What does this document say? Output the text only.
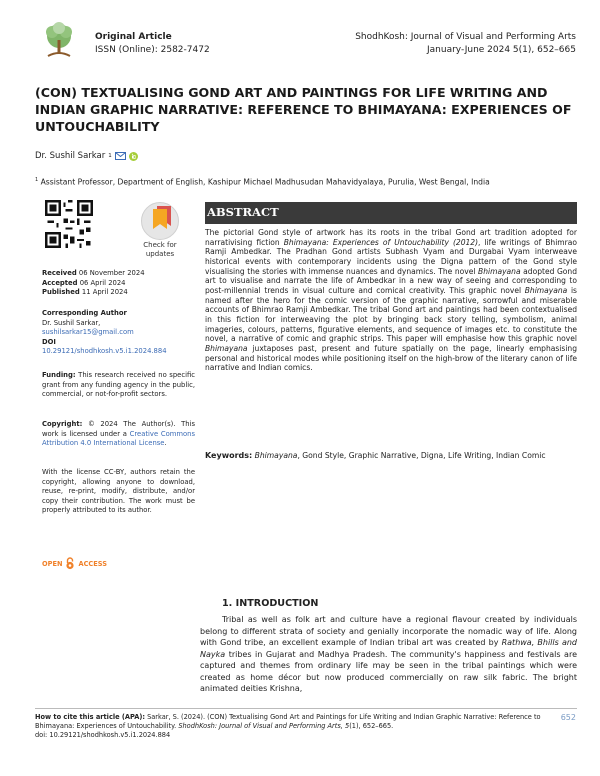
Original Article
ISSN (Online): 2582-7472
ShodhKosh: Journal of Visual and Performing Arts
January-June 2024 5(1), 652–665
(CON) TEXTUALISING GOND ART AND PAINTINGS FOR LIFE WRITING AND INDIAN GRAPHIC NARRATIVE: REFERENCE TO BHIMAYANA: EXPERIENCES OF UNTOUCHABILITY
Dr. Sushil Sarkar 1
$^1$ Assistant Professor, Department of English, Kashipur Michael Madhusudan Mahavidyalaya, Purulia, West Bengal, India
Check for
updates
Received 06 November 2024
Accepted 06 April 2024
Published 11 April 2024
Corresponding Author
Dr. Sushil Sarkar,
sushilsarkar15@gmail.com
DOI
10.29121/shodhkosh.v5.i1.2024.884
Funding: This research received no specific grant from any funding agency in the public, commercial, or not-for-profit sectors.
Copyright: © 2024 The Author(s). This work is licensed under a Creative Commons Attribution 4.0 International License.
With the license CC-BY, authors retain the copyright, allowing anyone to download, reuse, re-print, modify, distribute, and/or copy their contribution. The work must be properly attributed to its author.
OPEN ACCESS
ABSTRACT
The pictorial Gond style of artwork has its roots in the tribal Gond art tradition adopted for narrativising fiction Bhimayana: Experiences of Untouchability (2012), life writings of Bhimrao Ramji Ambedkar. The Pradhan Gond artists Subhash Vyam and Durgabai Vyam interweave historical events with contemporary incidents using the Digna pattern of the Gond style visualising the stories with immense nuances and dynamics. The novel Bhimayana adopted Gond art to visualise and narrate the life of Ambedkar in a new way of seeing and corresponding to post-millennial trends in visual culture and comical creativity. This graphic novel Bhimayana is named after the hero for the comic version of the graphic narrative, sorrowful and miserable accounts of Bhimrao Ramji Ambedkar. The tribal Gond art and paintings had been contextualised in this fiction for interweaving the plot by bringing back story telling, symbolism, animal imageries, colours, patterns, figurative elements, and sequence of images etc. to constitute the novel, a narrative of comic and graphic strips. This paper will emphasise how this graphic novel Bhimayana juxtaposes past, present and future spatially on the page, linearly emphasising personal and historical modes while positioning itself on the high-brow of the literary canon of life narrative and Indian comics.
Keywords: Bhimayana, Gond Style, Graphic Narrative, Digna, Life Writing, Indian Comic
1. INTRODUCTION
Tribal as well as folk art and culture have a regional flavour created by individuals belong to different strata of society and genially incorporate the nomadic way of life. Along with Gond tribe, an excellent example of Indian tribal art was created by Rathwa, Bhills and Nayka tribes in Gujarat and Madhya Pradesh. The community's happiness and festivals are captured and themes from ordinary life may be seen in the tribal paintings which were created as home décor but now produced commercially on raw silk fabric. The bright animated deities Krishna,
How to cite this article (APA): Sarkar, S. (2024). (CON) Textualising Gond Art and Paintings for Life Writing and Indian Graphic Narrative: Reference to Bhimayana: Experiences of Untouchability. ShodhKosh: Journal of Visual and Performing Arts, 5(1), 652–665.
doi: 10.29121/shodhkosh.v5.i1.2024.884
652
